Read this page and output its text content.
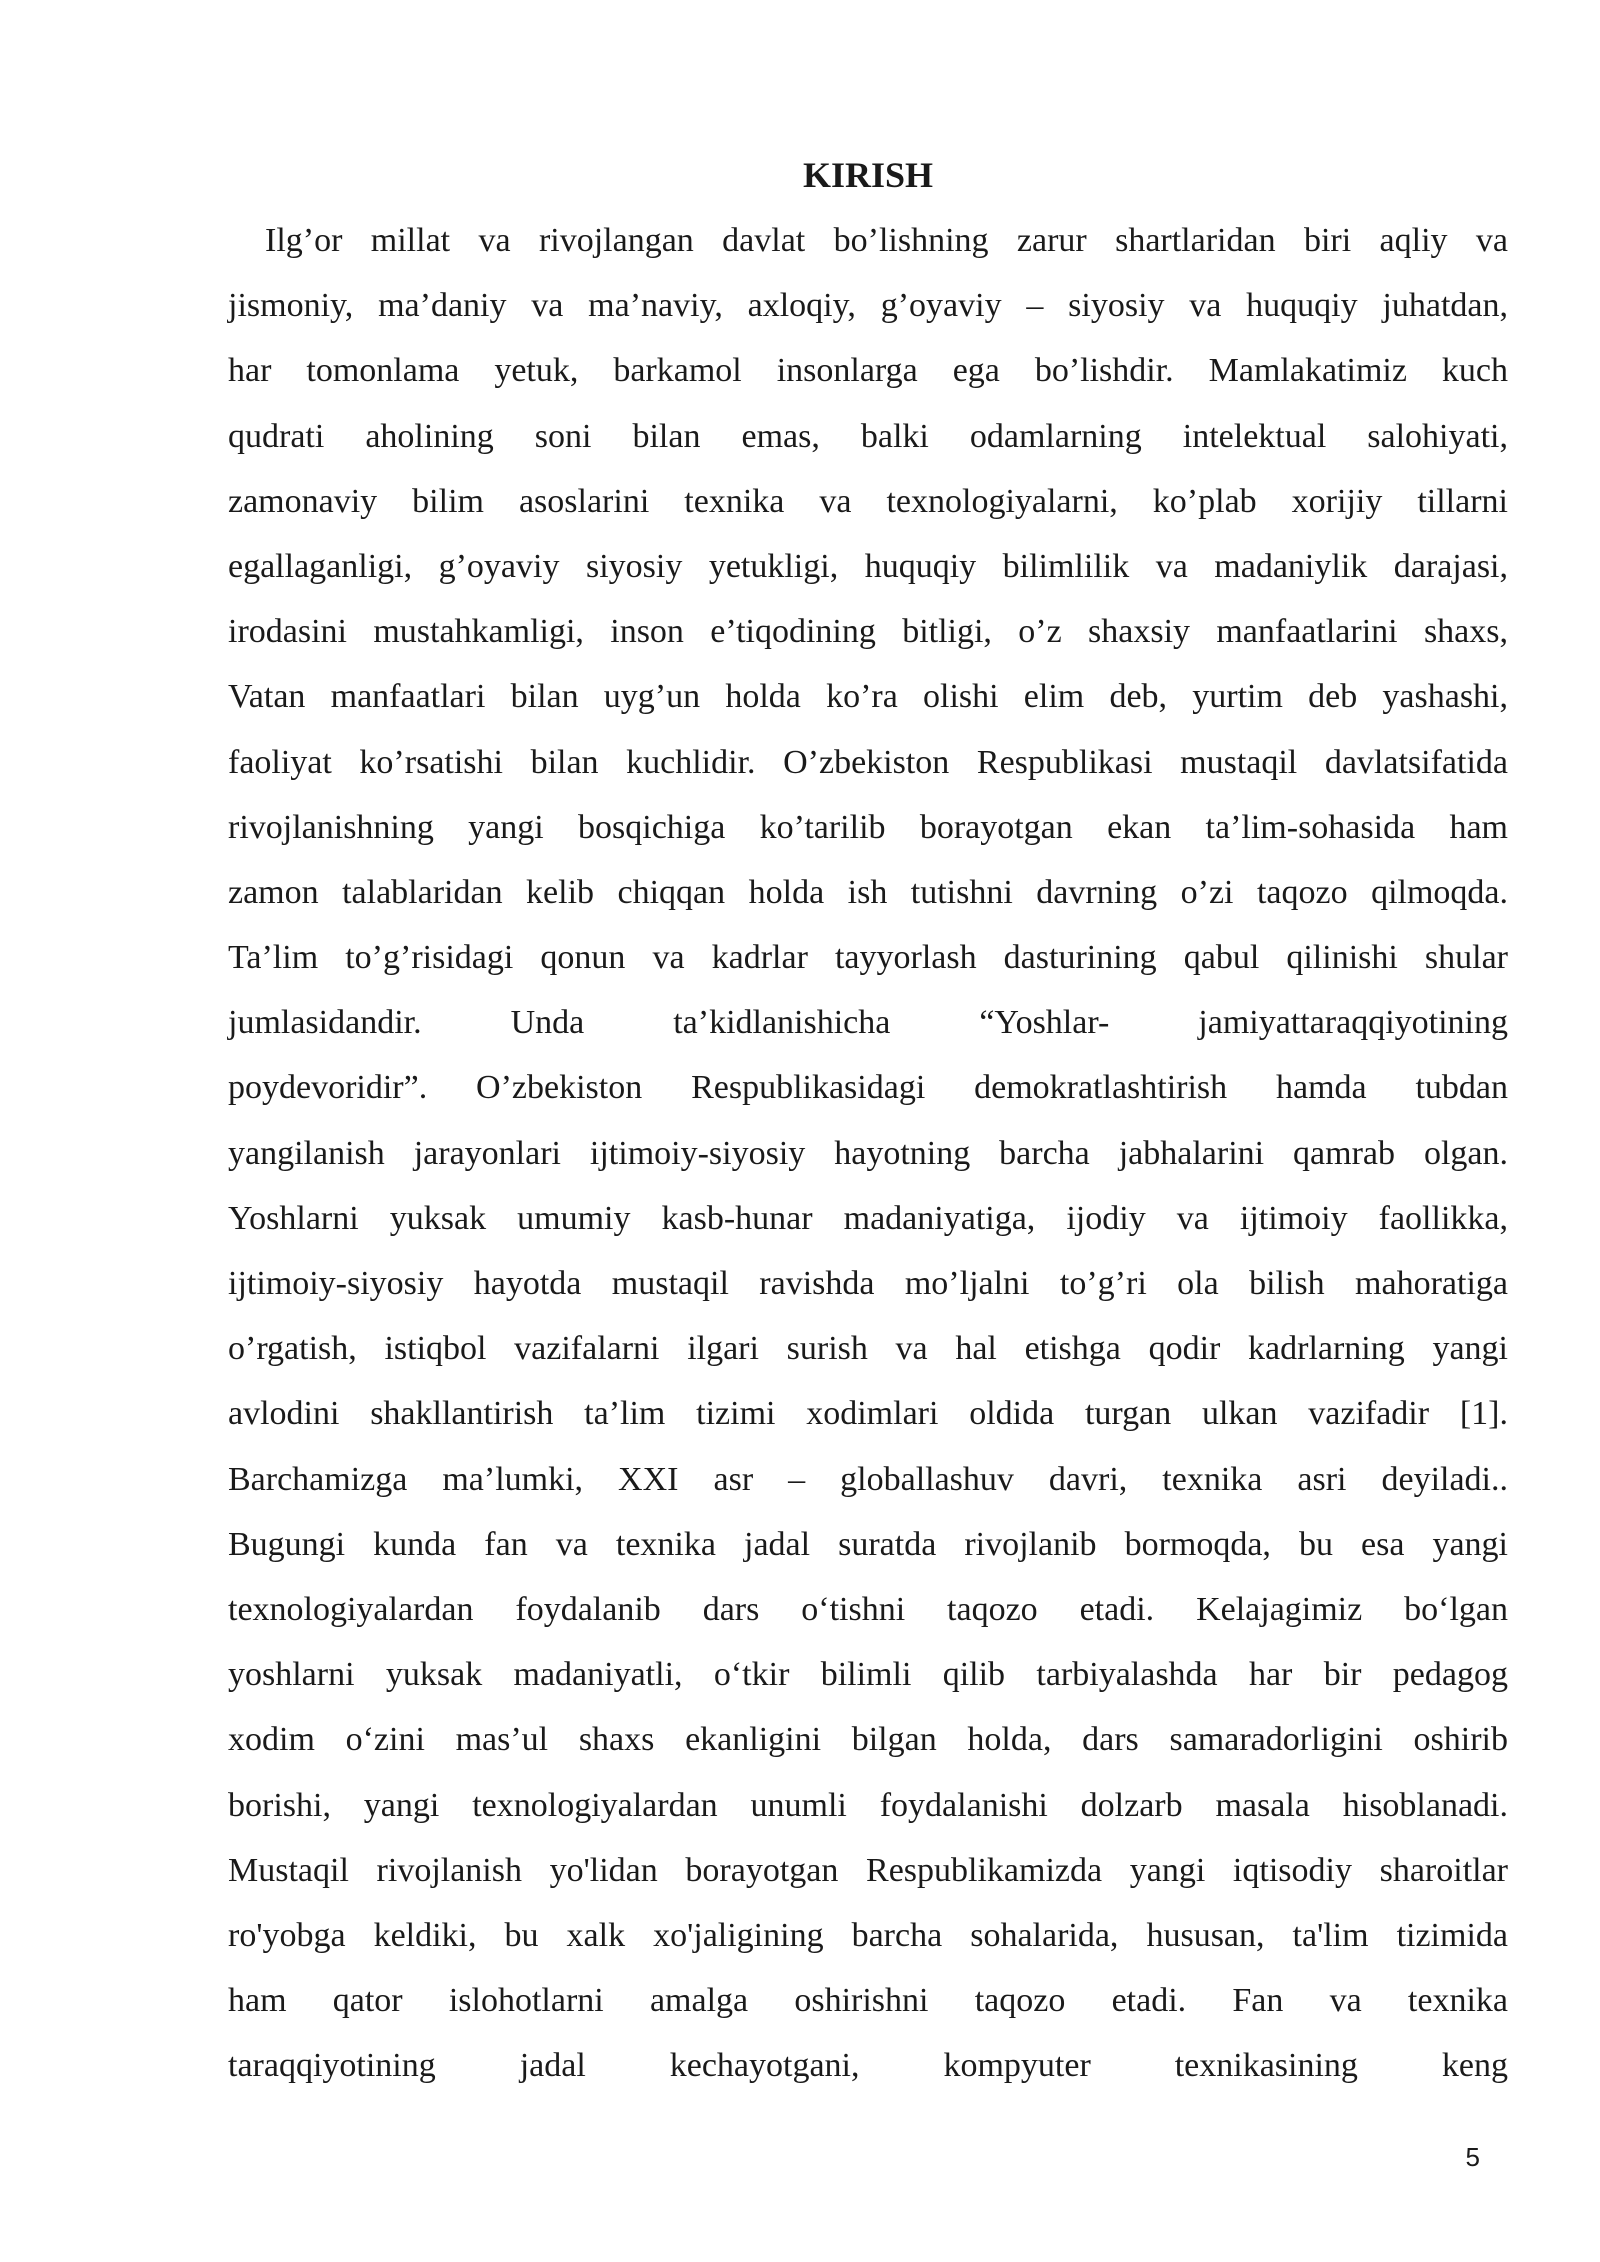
KIRISH
Ilg’or millat va rivojlangan davlat bo’lishning zarur shartlaridan biri aqliy va
jismoniy, ma’daniy va ma’naviy, axloqiy, g’oyaviy – siyosiy va huquqiy juhatdan,
har tomonlama yetuk, barkamol insonlarga ega bo’lishdir. Mamlakatimiz kuch
qudrati aholining soni bilan emas, balki odamlarning intelektual salohiyati,
zamonaviy bilim asoslarini texnika va texnologiyalarni, ko’plab xorijiy tillarni
egallaganligi, g’oyaviy siyosiy yetukligi, huquqiy bilimlilik va madaniylik darajasi,
irodasini mustahkamligi, inson e’tiqodining bitligi, o’z shaxsiy manfaatlarini shaxs,
Vatan manfaatlari bilan uyg’un holda ko’ra olishi elim deb, yurtim deb yashashi,
faoliyat ko’rsatishi bilan kuchlidir. O’zbekiston Respublikasi mustaqil davlatsifatida
rivojlanishning yangi bosqichiga ko’tarilib borayotgan ekan ta’lim-sohasida ham
zamon talablaridan kelib chiqqan holda ish tutishni davrning o’zi taqozo qilmoqda.
Ta’lim to’g’risidagi qonun va kadrlar tayyorlash dasturining qabul qilinishi shular
jumlasidandir. Unda ta’kidlanishicha “Yoshlar- jamiyattaraqqiyotining
poydevoridir”. O’zbekiston Respublikasidagi demokratlashtirish hamda tubdan
yangilanish jarayonlari ijtimoiy-siyosiy hayotning barcha jabhalarini qamrab olgan.
Yoshlarni yuksak umumiy kasb-hunar madaniyatiga, ijodiy va ijtimoiy faollikka,
ijtimoiy-siyosiy hayotda mustaqil ravishda mo’ljalni to’g’ri ola bilish mahoratiga
o’rgatish, istiqbol vazifalarni ilgari surish va hal etishga qodir kadrlarning yangi
avlodini shakllantirish ta’lim tizimi xodimlari oldida turgan ulkan vazifadir [1].
Barchamizga ma’lumki, XXI asr – globallashuv davri, texnika asri deyiladi..
Bugungi kunda fan va texnika jadal suratda rivojlanib bormoqda, bu esa yangi
texnologiyalardan foydalanib dars o‘tishni taqozo etadi. Kelajagimiz bo‘lgan
yoshlarni yuksak madaniyatli, o‘tkir bilimli qilib tarbiyalashda har bir pedagog
xodim o‘zini mas’ul shaxs ekanligini bilgan holda, dars samaradorligini oshirib
borishi, yangi texnologiyalardan unumli foydalanishi dolzarb masala hisoblanadi.
Mustaqil rivojlanish yo'lidan borayotgan Respublikamizda yangi iqtisodiy sharoitlar
ro'yobga keldiki, bu xalk xo'jaligining barcha sohalarida, hususan, ta'lim tizimida
ham qator islohotlarni amalga oshirishni taqozo etadi. Fan va texnika
taraqqiyotining jadal kechayotgani, kompyuter texnikasining keng
5
